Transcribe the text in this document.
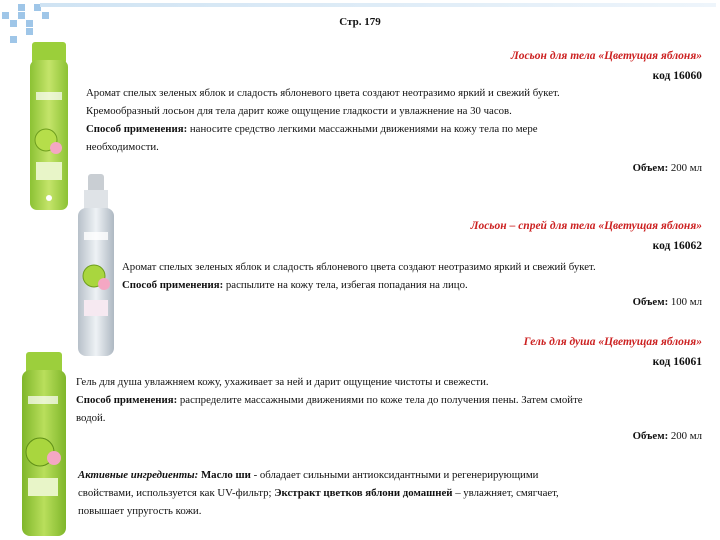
Стр. 179
Лосьон для тела «Цветущая яблоня»
код 16060
Аромат спелых зеленых яблок и сладость яблоневого цвета создают неотразимо яркий и свежий букет.
Кремообразный лосьон для тела дарит коже ощущение гладкости и увлажнение на 30 часов.
Способ применения: наносите средство легкими массажными движениями на кожу тела по мере
необходимости.
Объем: 200 мл
Лосьон – спрей для тела «Цветущая яблоня»
код 16062
Аромат спелых зеленых яблок и сладость яблоневого цвета создают неотразимо яркий и свежий букет.
Способ применения: распылите на кожу тела, избегая попадания на лицо.
Объем: 100 мл
Гель для душа «Цветущая яблоня»
код 16061
Гель для душа увлажняем кожу, ухаживает за ней и дарит ощущение чистоты и свежести.
Способ применения: распределите массажными движениями по коже тела до получения пены. Затем смойте
водой.
Объем: 200 мл
Активные ингредиенты: Масло ши - обладает сильными антиоксидантными и регенерирующими
свойствами, используется как UV-фильтр; Экстракт цветков яблони домашней – увлажняет, смягчает,
повышает упругость кожи.
